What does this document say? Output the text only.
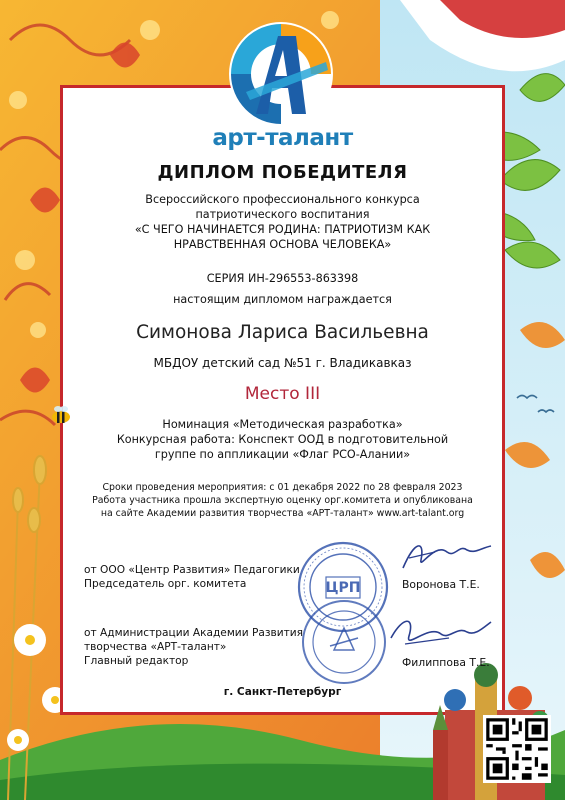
арт-талант
ДИПЛОМ ПОБЕДИТЕЛЯ
Всероссийского профессионального конкурса
патриотического воспитания
«С ЧЕГО НАЧИНАЕТСЯ РОДИНА: ПАТРИОТИЗМ КАК
НРАВСТВЕННАЯ ОСНОВА ЧЕЛОВЕКА»
СЕРИЯ ИН-296553-863398
настоящим дипломом награждается
Симонова Лариса Васильевна
МБДОУ детский сад №51 г. Владикавказ
Место III
Номинация «Методическая разработка»
Конкурсная работа: Конспект ООД в подготовительной
группе по аппликации «Флаг РСО-Алании»
Сроки проведения мероприятия: с 01 декабря 2022 по 28 февраля 2023
Работа участника прошла экспертную оценку орг.комитета и опубликована
на сайте Академии развития творчества «АРТ-талант» www.art-talant.org
от ООО «Центр Развития» Педагогики
Председатель орг. комитета	Воронова Т.Е.
от Администрации Академии Развития
творчества «АРТ-талант»
Главный редактор	Филиппова Т.Е.
ЦРП
г. Санкт-Петербург
